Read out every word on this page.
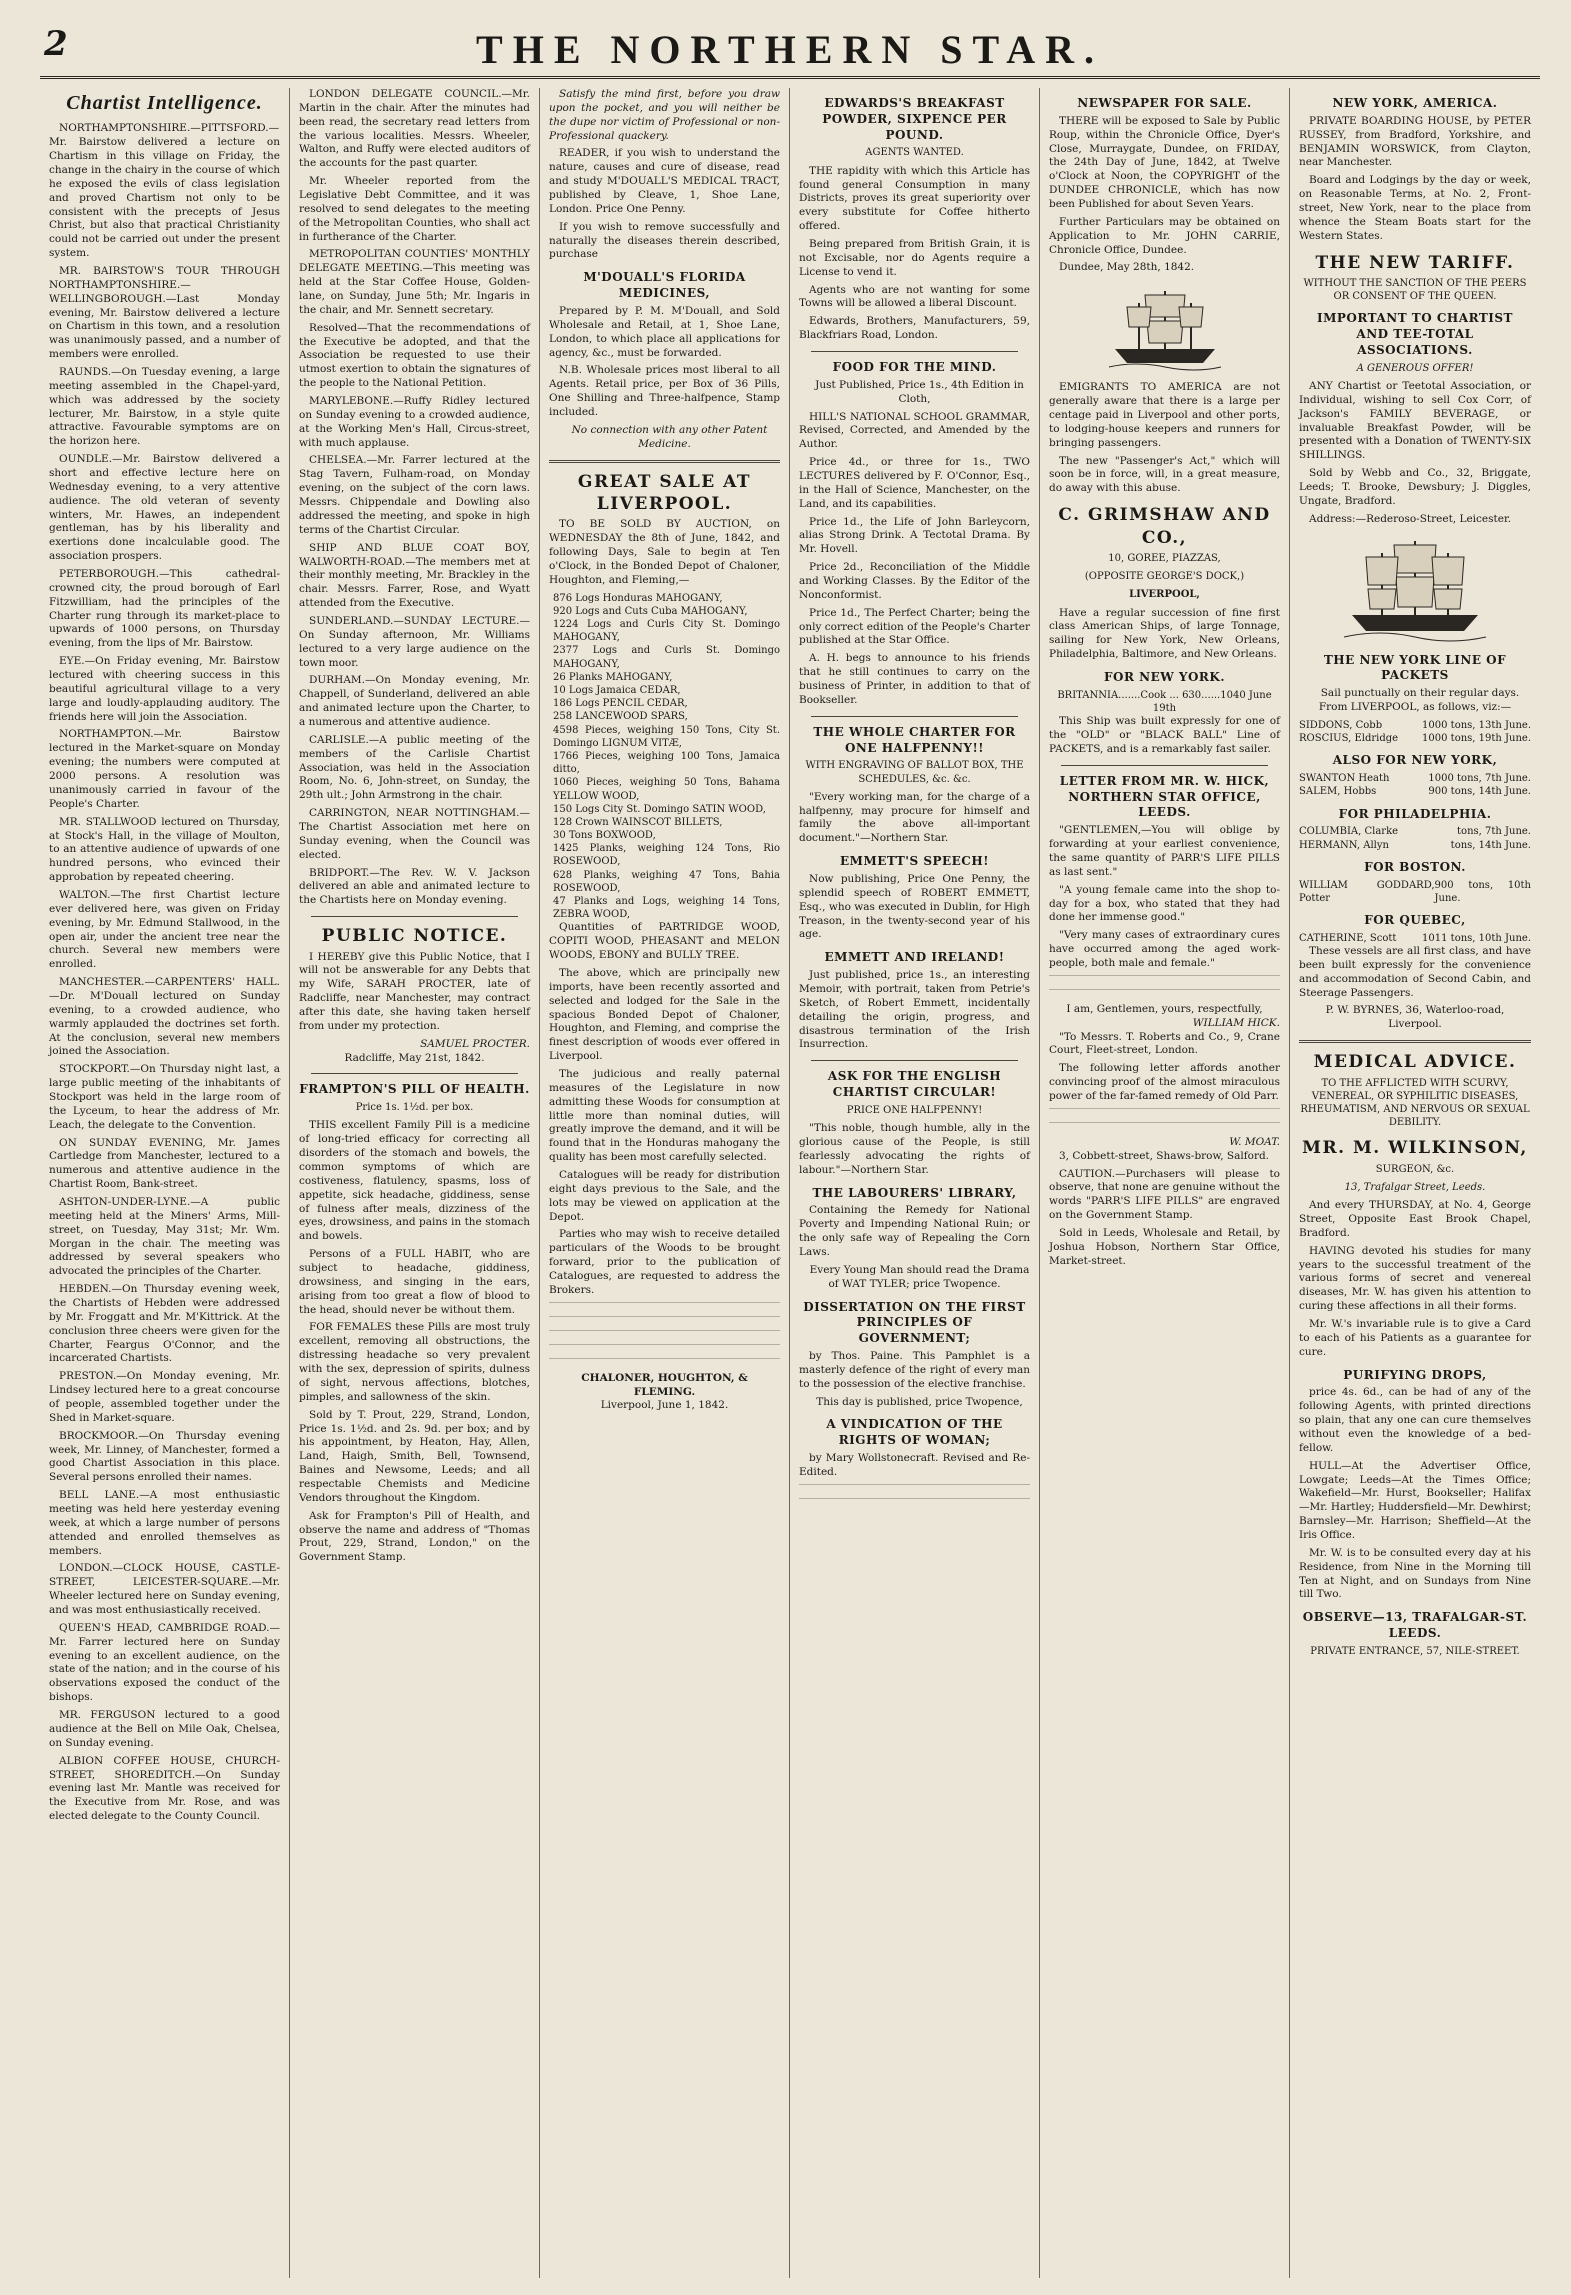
2	THE NORTHERN STAR.
Chartist Intelligence.

NORTHAMPTONSHIRE.—PITTSFORD.—Mr. Bairstow delivered a lecture on Chartism in this village on Friday, the change in the chairy in the course of which he exposed the evils of class legislation and proved Chartism not only to be consistent with the precepts of Jesus Christ, but also that practical Christianity could not be carried out under the present system.

MR. BAIRSTOW'S TOUR THROUGH NORTHAMPTONSHIRE.—WELLINGBOROUGH.—Last Monday evening, Mr. Bairstow delivered a lecture on Chartism in this town, and a resolution was unanimously passed, and a number of members were enrolled.

RAUNDS.—On Tuesday evening, a large meeting assembled in the Chapel-yard, which was addressed by the society lecturer, Mr. Bairstow, in a style quite attractive. Favourable symptoms are on the horizon here.

OUNDLE.—Mr. Bairstow delivered a short and effective lecture here on Wednesday evening, to a very attentive audience. The old veteran of seventy winters, Mr. Hawes, an independent gentleman, has by his liberality and exertions done incalculable good. The association prospers.

PETERBOROUGH.—This cathedral-crowned city, the proud borough of Earl Fitzwilliam, had the principles of the Charter rung through its market-place to upwards of 1000 persons, on Thursday evening, from the lips of Mr. Bairstow.

EYE.—On Friday evening, Mr. Bairstow lectured with cheering success in this beautiful agricultural village to a very large and loudly-applauding auditory. The friends here will join the Association.

NORTHAMPTON.—Mr. Bairstow lectured in the Market-square on Monday evening; the numbers were computed at 2000 persons. A resolution was unanimously carried in favour of the People's Charter.

MR. STALLWOOD lectured on Thursday, at Stock's Hall, in the village of Moulton, to an attentive audience of upwards of one hundred persons, who evinced their approbation by repeated cheering.

WALTON.—The first Chartist lecture ever delivered here, was given on Friday evening, by Mr. Edmund Stallwood, in the open air, under the ancient tree near the church. Several new members were enrolled.

MANCHESTER.—CARPENTERS' HALL.—Dr. M'Douall lectured on Sunday evening, to a crowded audience, who warmly applauded the doctrines set forth. At the conclusion, several new members joined the Association.

STOCKPORT.—On Thursday night last, a large public meeting of the inhabitants of Stockport was held in the large room of the Lyceum, to hear the address of Mr. Leach, the delegate to the Convention.

ON SUNDAY EVENING, Mr. James Cartledge from Manchester, lectured to a numerous and attentive audience in the Chartist Room, Bank-street.

ASHTON-UNDER-LYNE.—A public meeting held at the Miners' Arms, Mill-street, on Tuesday, May 31st; Mr. Wm. Morgan in the chair. The meeting was addressed by several speakers who advocated the principles of the Charter.

HEBDEN.—On Thursday evening week, the Chartists of Hebden were addressed by Mr. Froggatt and Mr. M'Kittrick. At the conclusion three cheers were given for the Charter, Feargus O'Connor, and the incarcerated Chartists.

PRESTON.—On Monday evening, Mr. Lindsey lectured here to a great concourse of people, assembled together under the Shed in Market-square.

BROCKMOOR.—On Thursday evening week, Mr. Linney, of Manchester, formed a good Chartist Association in this place. Several persons enrolled their names.

BELL LANE.—A most enthusiastic meeting was held here yesterday evening week, at which a large number of persons attended and enrolled themselves as members.

LONDON.—CLOCK HOUSE, CASTLE-STREET, LEICESTER-SQUARE.—Mr. Wheeler lectured here on Sunday evening, and was most enthusiastically received.

QUEEN'S HEAD, CAMBRIDGE ROAD.—Mr. Farrer lectured here on Sunday evening to an excellent audience, on the state of the nation; and in the course of his observations exposed the conduct of the bishops.

MR. FERGUSON lectured to a good audience at the Bell on Mile Oak, Chelsea, on Sunday evening.

ALBION COFFEE HOUSE, CHURCH-STREET, SHOREDITCH.—On Sunday evening last Mr. Mantle was received for the Executive from Mr. Rose, and was elected delegate to the County Council.

LONDON DELEGATE COUNCIL.—Mr. Martin in the chair. After the minutes had been read, the secretary read letters from the various localities. Messrs. Wheeler, Walton, and Ruffy were elected auditors of the accounts for the past quarter.

Mr. Wheeler reported from the Legislative Debt Committee, and it was resolved to send delegates to the meeting of the Metropolitan Counties, who shall act in furtherance of the Charter.

METROPOLITAN COUNTIES' MONTHLY DELEGATE MEETING.—This meeting was held at the Star Coffee House, Golden-lane, on Sunday, June 5th; Mr. Ingaris in the chair, and Mr. Sennett secretary.

Resolved—That the recommendations of the Executive be adopted, and that the Association be requested to use their utmost exertion to obtain the signatures of the people to the National Petition.

MARYLEBONE.—Ruffy Ridley lectured on Sunday evening to a crowded audience, at the Working Men's Hall, Circus-street, with much applause.

CHELSEA.—Mr. Farrer lectured at the Stag Tavern, Fulham-road, on Monday evening, on the subject of the corn laws. Messrs. Chippendale and Dowling also addressed the meeting, and spoke in high terms of the Chartist Circular.

SHIP AND BLUE COAT BOY, WALWORTH-ROAD.—The members met at their monthly meeting, Mr. Brackley in the chair. Messrs. Farrer, Rose, and Wyatt attended from the Executive.

SUNDERLAND.—SUNDAY LECTURE.—On Sunday afternoon, Mr. Williams lectured to a very large audience on the town moor.

DURHAM.—On Monday evening, Mr. Chappell, of Sunderland, delivered an able and animated lecture upon the Charter, to a numerous and attentive audience.

CARLISLE.—A public meeting of the members of the Carlisle Chartist Association, was held in the Association Room, No. 6, John-street, on Sunday, the 29th ult.; John Armstrong in the chair.

CARRINGTON, NEAR NOTTINGHAM.—The Chartist Association met here on Sunday evening, when the Council was elected.

BRIDPORT.—The Rev. W. V. Jackson delivered an able and animated lecture to the Chartists here on Monday evening.

PUBLIC NOTICE.

I HEREBY give this Public Notice, that I will not be answerable for any Debts that my Wife, SARAH PROCTER, late of Radcliffe, near Manchester, may contract after this date, she having taken herself from under my protection.

SAMUEL PROCTER.
Radcliffe, May 21st, 1842.
FRAMPTON'S PILL OF HEALTH.
Price 1s. 1½d. per box.

THIS excellent Family Pill is a medicine of long-tried efficacy for correcting all disorders of the stomach and bowels, the common symptoms of which are costiveness, flatulency, spasms, loss of appetite, sick headache, giddiness, sense of fulness after meals, dizziness of the eyes, drowsiness, and pains in the stomach and bowels.

Persons of a FULL HABIT, who are subject to headache, giddiness, drowsiness, and singing in the ears, arising from too great a flow of blood to the head, should never be without them.

FOR FEMALES these Pills are most truly excellent, removing all obstructions, the distressing headache so very prevalent with the sex, depression of spirits, dulness of sight, nervous affections, blotches, pimples, and sallowness of the skin.

Sold by T. Prout, 229, Strand, London, Price 1s. 1½d. and 2s. 9d. per box; and by his appointment, by Heaton, Hay, Allen, Land, Haigh, Smith, Bell, Townsend, Baines and Newsome, Leeds; and all respectable Chemists and Medicine Vendors throughout the Kingdom.

Ask for Frampton's Pill of Health, and observe the name and address of "Thomas Prout, 229, Strand, London," on the Government Stamp.

Satisfy the mind first, before you draw upon the pocket, and you will neither be the dupe nor victim of Professional or non-Professional quackery.

READER, if you wish to understand the nature, causes and cure of disease, read and study M'DOUALL'S MEDICAL TRACT, published by Cleave, 1, Shoe Lane, London. Price One Penny.

If you wish to remove successfully and naturally the diseases therein described, purchase

M'DOUALL'S FLORIDA MEDICINES,

Prepared by P. M. M'Douall, and Sold Wholesale and Retail, at 1, Shoe Lane, London, to which place all applications for agency, &c., must be forwarded.

N.B. Wholesale prices most liberal to all Agents. Retail price, per Box of 36 Pills, One Shilling and Three-halfpence, Stamp included.

No connection with any other Patent Medicine.

GREAT SALE AT LIVERPOOL.

TO BE SOLD BY AUCTION, on WEDNESDAY the 8th of June, 1842, and following Days, Sale to begin at Ten o'Clock, in the Bonded Depot of Chaloner, Houghton, and Fleming,—

876 Logs Honduras MAHOGANY,
920 Logs and Cuts Cuba MAHOGANY,
1224 Logs and Curls City St. Domingo MAHOGANY,
2377 Logs and Curls St. Domingo MAHOGANY,
26 Planks MAHOGANY,
10 Logs Jamaica CEDAR,
186 Logs PENCIL CEDAR,
258 LANCEWOOD SPARS,
4598 Pieces, weighing 150 Tons, City St. Domingo LIGNUM VITÆ,
1766 Pieces, weighing 100 Tons, Jamaica ditto,
1060 Pieces, weighing 50 Tons, Bahama YELLOW WOOD,
150 Logs City St. Domingo SATIN WOOD,
128 Crown WAINSCOT BILLETS,
30 Tons BOXWOOD,
1425 Planks, weighing 124 Tons, Rio ROSEWOOD,
628 Planks, weighing 47 Tons, Bahia ROSEWOOD,
47 Planks and Logs, weighing 14 Tons, ZEBRA WOOD,

Quantities of PARTRIDGE WOOD, COPITI WOOD, PHEASANT and MELON WOODS, EBONY and BULLY TREE.

The above, which are principally new imports, have been recently assorted and selected and lodged for the Sale in the spacious Bonded Depot of Chaloner, Houghton, and Fleming, and comprise the finest description of woods ever offered in Liverpool.

The judicious and really paternal measures of the Legislature in now admitting these Woods for consumption at little more than nominal duties, will greatly improve the demand, and it will be found that in the Honduras mahogany the quality has been most carefully selected.

Catalogues will be ready for distribution eight days previous to the Sale, and the lots may be viewed on application at the Depot.

Parties who may wish to receive detailed particulars of the Woods to be brought forward, prior to the publication of Catalogues, are requested to address the Brokers.

CHALONER, HOUGHTON, & FLEMING.
Liverpool, June 1, 1842.
EDWARDS'S BREAKFAST POWDER, SIXPENCE PER POUND.
AGENTS WANTED.

THE rapidity with which this Article has found general Consumption in many Districts, proves its great superiority over every substitute for Coffee hitherto offered.

Being prepared from British Grain, it is not Excisable, nor do Agents require a License to vend it.

Agents who are not wanting for some Towns will be allowed a liberal Discount.

Edwards, Brothers, Manufacturers, 59, Blackfriars Road, London.

FOOD FOR THE MIND.

Just Published, Price 1s., 4th Edition in Cloth,

HILL'S NATIONAL SCHOOL GRAMMAR, Revised, Corrected, and Amended by the Author.

Price 4d., or three for 1s., TWO LECTURES delivered by F. O'Connor, Esq., in the Hall of Science, Manchester, on the Land, and its capabilities.

Price 1d., the Life of John Barleycorn, alias Strong Drink. A Tectotal Drama. By Mr. Hovell.

Price 2d., Reconciliation of the Middle and Working Classes. By the Editor of the Nonconformist.

Price 1d., The Perfect Charter; being the only correct edition of the People's Charter published at the Star Office.

A. H. begs to announce to his friends that he still continues to carry on the business of Printer, in addition to that of Bookseller.

THE WHOLE CHARTER FOR ONE HALFPENNY!!
WITH ENGRAVING OF BALLOT BOX, THE SCHEDULES, &c. &c.

"Every working man, for the charge of a halfpenny, may procure for himself and family the above all-important document."—Northern Star.

EMMETT'S SPEECH!

Now publishing, Price One Penny, the splendid speech of ROBERT EMMETT, Esq., who was executed in Dublin, for High Treason, in the twenty-second year of his age.

EMMETT AND IRELAND!

Just published, price 1s., an interesting Memoir, with portrait, taken from Petrie's Sketch, of Robert Emmett, incidentally detailing the origin, progress, and disastrous termination of the Irish Insurrection.

ASK FOR THE ENGLISH CHARTIST CIRCULAR!
PRICE ONE HALFPENNY!

"This noble, though humble, ally in the glorious cause of the People, is still fearlessly advocating the rights of labour."—Northern Star.

THE LABOURERS' LIBRARY,

Containing the Remedy for National Poverty and Impending National Ruin; or the only safe way of Repealing the Corn Laws.

Every Young Man should read the Drama of WAT TYLER; price Twopence.

DISSERTATION ON THE FIRST PRINCIPLES OF GOVERNMENT;

by Thos. Paine. This Pamphlet is a masterly defence of the right of every man to the possession of the elective franchise.

This day is published, price Twopence,

A VINDICATION OF THE RIGHTS OF WOMAN;

by Mary Wollstonecraft. Revised and Re-Edited.

NEWSPAPER FOR SALE.

THERE will be exposed to Sale by Public Roup, within the Chronicle Office, Dyer's Close, Murraygate, Dundee, on FRIDAY, the 24th Day of June, 1842, at Twelve o'Clock at Noon, the COPYRIGHT of the DUNDEE CHRONICLE, which has now been Published for about Seven Years.

Further Particulars may be obtained on Application to Mr. JOHN CARRIE, Chronicle Office, Dundee.

Dundee, May 28th, 1842.

EMIGRANTS TO AMERICA are not generally aware that there is a large per centage paid in Liverpool and other ports, to lodging-house keepers and runners for bringing passengers.

The new "Passenger's Act," which will soon be in force, will, in a great measure, do away with this abuse.

C. GRIMSHAW AND CO.,
10, GOREE, PIAZZAS,
(OPPOSITE GEORGE'S DOCK,)
LIVERPOOL,

Have a regular succession of fine first class American Ships, of large Tonnage, sailing for New York, New Orleans, Philadelphia, Baltimore, and New Orleans.

FOR NEW YORK.
BRITANNIA.......Cook ... 630......1040 June 19th

This Ship was built expressly for one of the "OLD" or "BLACK BALL" Line of PACKETS, and is a remarkably fast sailer.

LETTER FROM MR. W. HICK, NORTHERN STAR OFFICE, LEEDS.

"GENTLEMEN,—You will oblige by forwarding at your earliest convenience, the same quantity of PARR'S LIFE PILLS as last sent."

"A young female came into the shop to-day for a box, who stated that they had done her immense good."

"Very many cases of extraordinary cures have occurred among the aged work-people, both male and female."

I am, Gentlemen, yours, respectfully,
WILLIAM HICK.

"To Messrs. T. Roberts and Co., 9, Crane Court, Fleet-street, London.

The following letter affords another convincing proof of the almost miraculous power of the far-famed remedy of Old Parr.

W. MOAT.

3, Cobbett-street, Shaws-brow, Salford.

CAUTION.—Purchasers will please to observe, that none are genuine without the words "PARR'S LIFE PILLS" are engraved on the Government Stamp.

Sold in Leeds, Wholesale and Retail, by Joshua Hobson, Northern Star Office, Market-street.

NEW YORK, AMERICA.

PRIVATE BOARDING HOUSE, by PETER RUSSEY, from Bradford, Yorkshire, and BENJAMIN WORSWICK, from Clayton, near Manchester.

Board and Lodgings by the day or week, on Reasonable Terms, at No. 2, Front-street, New York, near to the place from whence the Steam Boats start for the Western States.

THE NEW TARIFF.
WITHOUT THE SANCTION OF THE PEERS OR CONSENT OF THE QUEEN.
IMPORTANT TO CHARTIST AND TEE-TOTAL ASSOCIATIONS.
A GENEROUS OFFER!

ANY Chartist or Teetotal Association, or Individual, wishing to sell Cox Corr, of Jackson's FAMILY BEVERAGE, or invaluable Breakfast Powder, will be presented with a Donation of TWENTY-SIX SHILLINGS.

Sold by Webb and Co., 32, Briggate, Leeds; T. Brooke, Dewsbury; J. Diggles, Ungate, Bradford.

Address:—Rederoso-Street, Leicester.

THE NEW YORK LINE OF PACKETS

Sail punctually on their regular days. From LIVERPOOL, as follows, viz:—

SIDDONS, Cobb	1000 tons, 13th June.
ROSCIUS, Eldridge 1000 tons, 19th June.
ALSO FOR NEW YORK,
SWANTON Heath	1000 tons, 7th June.
SALEM, Hobbs	900 tons, 14th June.
FOR PHILADELPHIA.
COLUMBIA, Clarke	tons, 7th June.
HERMANN, Allyn	tons, 14th June.
FOR BOSTON.
WILLIAM GODDARD, Potter
900 tons, 10th June.
FOR QUEBEC,
CATHERINE, Scott	1011 tons, 10th June.

These vessels are all first class, and have been built expressly for the convenience and accommodation of Second Cabin, and Steerage Passengers.

P. W. BYRNES, 36, Waterloo-road, Liverpool.
MEDICAL ADVICE.
TO THE AFFLICTED WITH SCURVY, VENEREAL, OR SYPHILITIC DISEASES, RHEUMATISM, AND NERVOUS OR SEXUAL DEBILITY.
MR. M. WILKINSON,
SURGEON, &c.
13, Trafalgar Street, Leeds.

And every THURSDAY, at No. 4, George Street, Opposite East Brook Chapel, Bradford.

HAVING devoted his studies for many years to the successful treatment of the various forms of secret and venereal diseases, Mr. W. has given his attention to curing these affections in all their forms.

Mr. W.'s invariable rule is to give a Card to each of his Patients as a guarantee for cure.

PURIFYING DROPS,

price 4s. 6d., can be had of any of the following Agents, with printed directions so plain, that any one can cure themselves without even the knowledge of a bed-fellow.

HULL—At the Advertiser Office, Lowgate; Leeds—At the Times Office; Wakefield—Mr. Hurst, Bookseller; Halifax—Mr. Hartley; Huddersfield—Mr. Dewhirst; Barnsley—Mr. Harrison; Sheffield—At the Iris Office.

Mr. W. is to be consulted every day at his Residence, from Nine in the Morning till Ten at Night, and on Sundays from Nine till Two.

OBSERVE—13, TRAFALGAR-ST. LEEDS.
PRIVATE ENTRANCE, 57, NILE-STREET.
